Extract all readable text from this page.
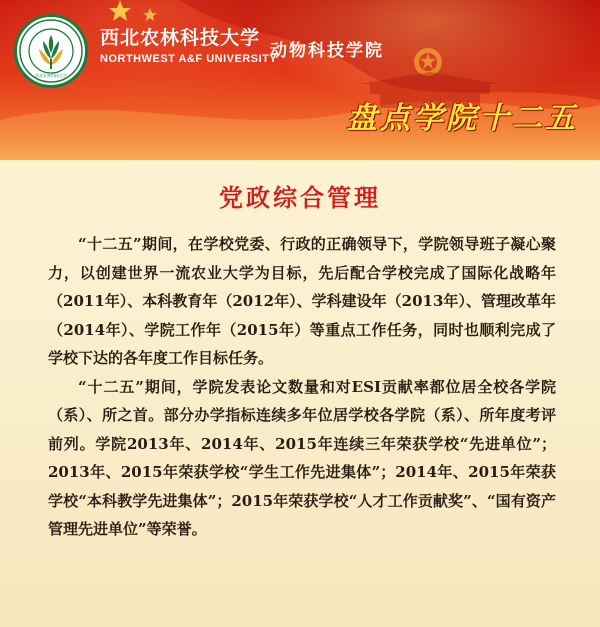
西北农林科技大学
西北农林科技大学
动物科技学院
NORTHWEST A&F UNIVERSITY
盘点学院十二五
党政综合管理

“十二五”期间，在学校党委、行政的正确领导下，学院领导班子凝心聚力，以创建世界一流农业大学为目标，先后配合学校完成了国际化战略年（2011年）、本科教育年（2012年）、学科建设年（2013年）、管理改革年（2014年）、学院工作年（2015年）等重点工作任务，同时也顺利完成了学校下达的各年度工作目标任务。

“十二五”期间，学院发表论文数量和对ESI贡献率都位居全校各学院（系）、所之首。部分办学指标连续多年位居学校各学院（系）、所年度考评前列。学院2013年、2014年、2015年连续三年荣获学校“先进单位”；2013年、2015年荣获学校“学生工作先进集体”；2014年、2015年荣获学校“本科教学先进集体”；2015年荣获学校“人才工作贡献奖”、“国有资产管理先进单位”等荣誉。
